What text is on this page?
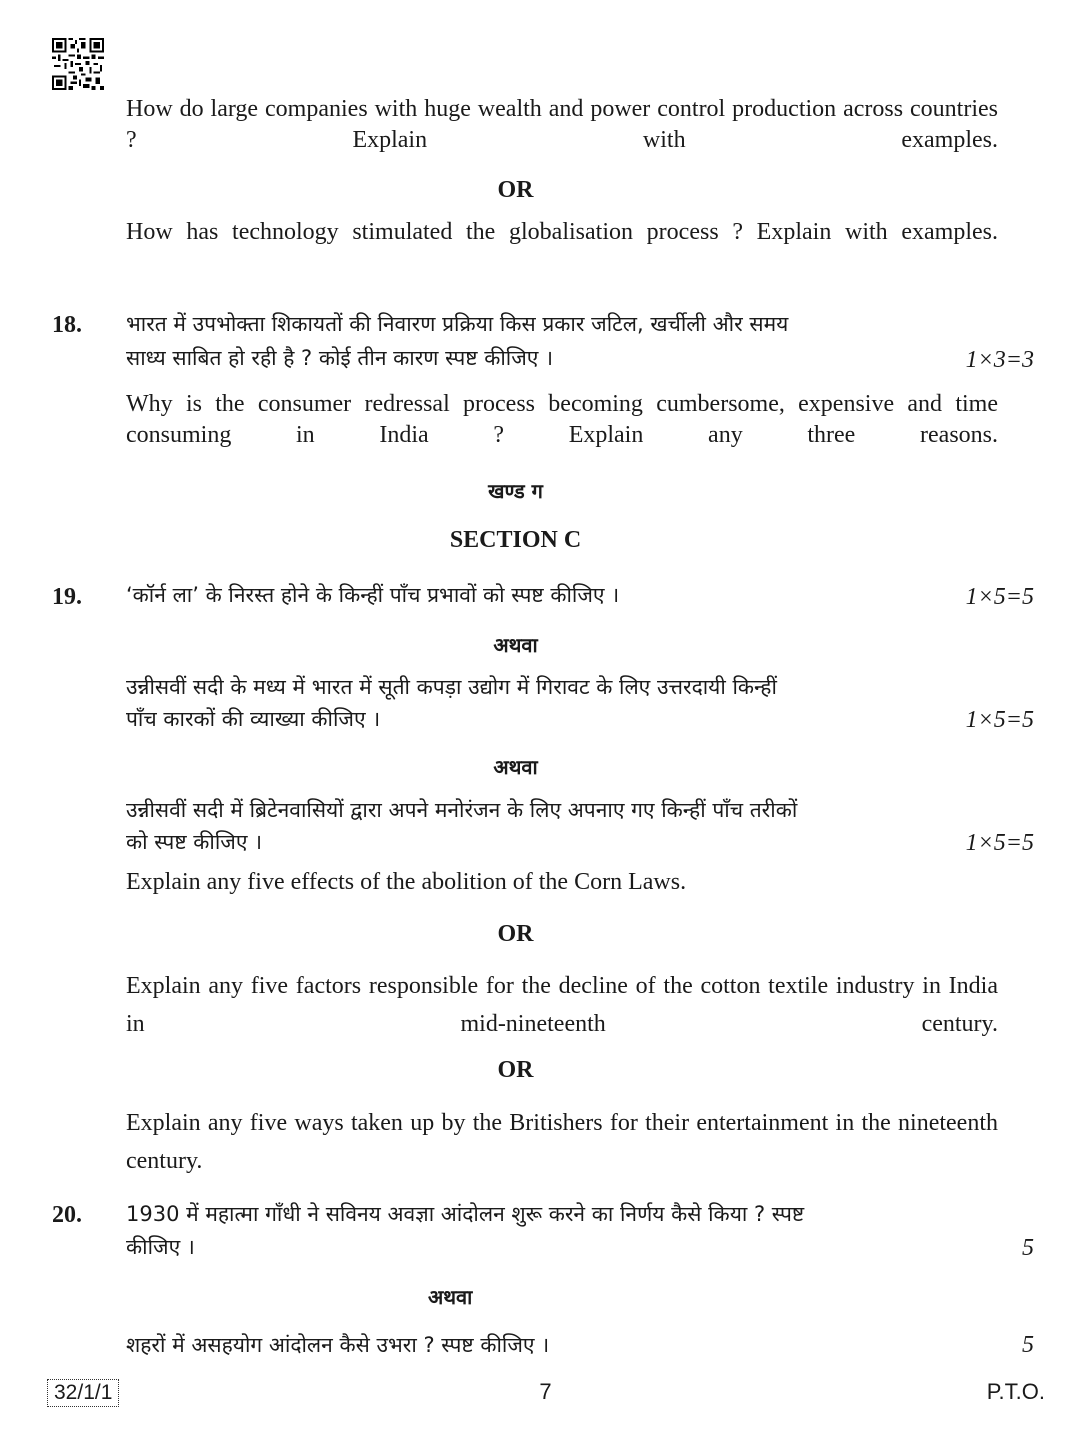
How do large companies with huge wealth and power control production across countries ? Explain with examples.
OR
How has technology stimulated the globalisation process ? Explain with examples.
18. भारत में उपभोक्ता शिकायतों की निवारण प्रक्रिया किस प्रकार जटिल, खर्चीली और समय
साध्य साबित हो रही है ? कोई तीन कारण स्पष्ट कीजिए ।	1×3=3
Why is the consumer redressal process becoming cumbersome, expensive and time consuming in India ? Explain any three reasons.
खण्ड ग
SECTION C
19. ‘कॉर्न ला’ के निरस्त होने के किन्हीं पाँच प्रभावों को स्पष्ट कीजिए ।	1×5=5
अथवा
उन्नीसवीं सदी के मध्य में भारत में सूती कपड़ा उद्योग में गिरावट के लिए उत्तरदायी किन्हीं
पाँच कारकों की व्याख्या कीजिए ।	1×5=5
अथवा
उन्नीसवीं सदी में ब्रिटेनवासियों द्वारा अपने मनोरंजन के लिए अपनाए गए किन्हीं पाँच तरीकों
को स्पष्ट कीजिए ।	1×5=5
Explain any five effects of the abolition of the Corn Laws.
OR
Explain any five factors responsible for the decline of the cotton textile industry in India in mid-nineteenth century.
OR
Explain any five ways taken up by the Britishers for their entertainment in the nineteenth century.
20. 1930 में महात्मा गाँधी ने सविनय अवज्ञा आंदोलन शुरू करने का निर्णय कैसे किया ? स्पष्ट
कीजिए ।	5
अथवा
शहरों में असहयोग आंदोलन कैसे उभरा ? स्पष्ट कीजिए ।	5
32/1/1	7	P.T.O.
